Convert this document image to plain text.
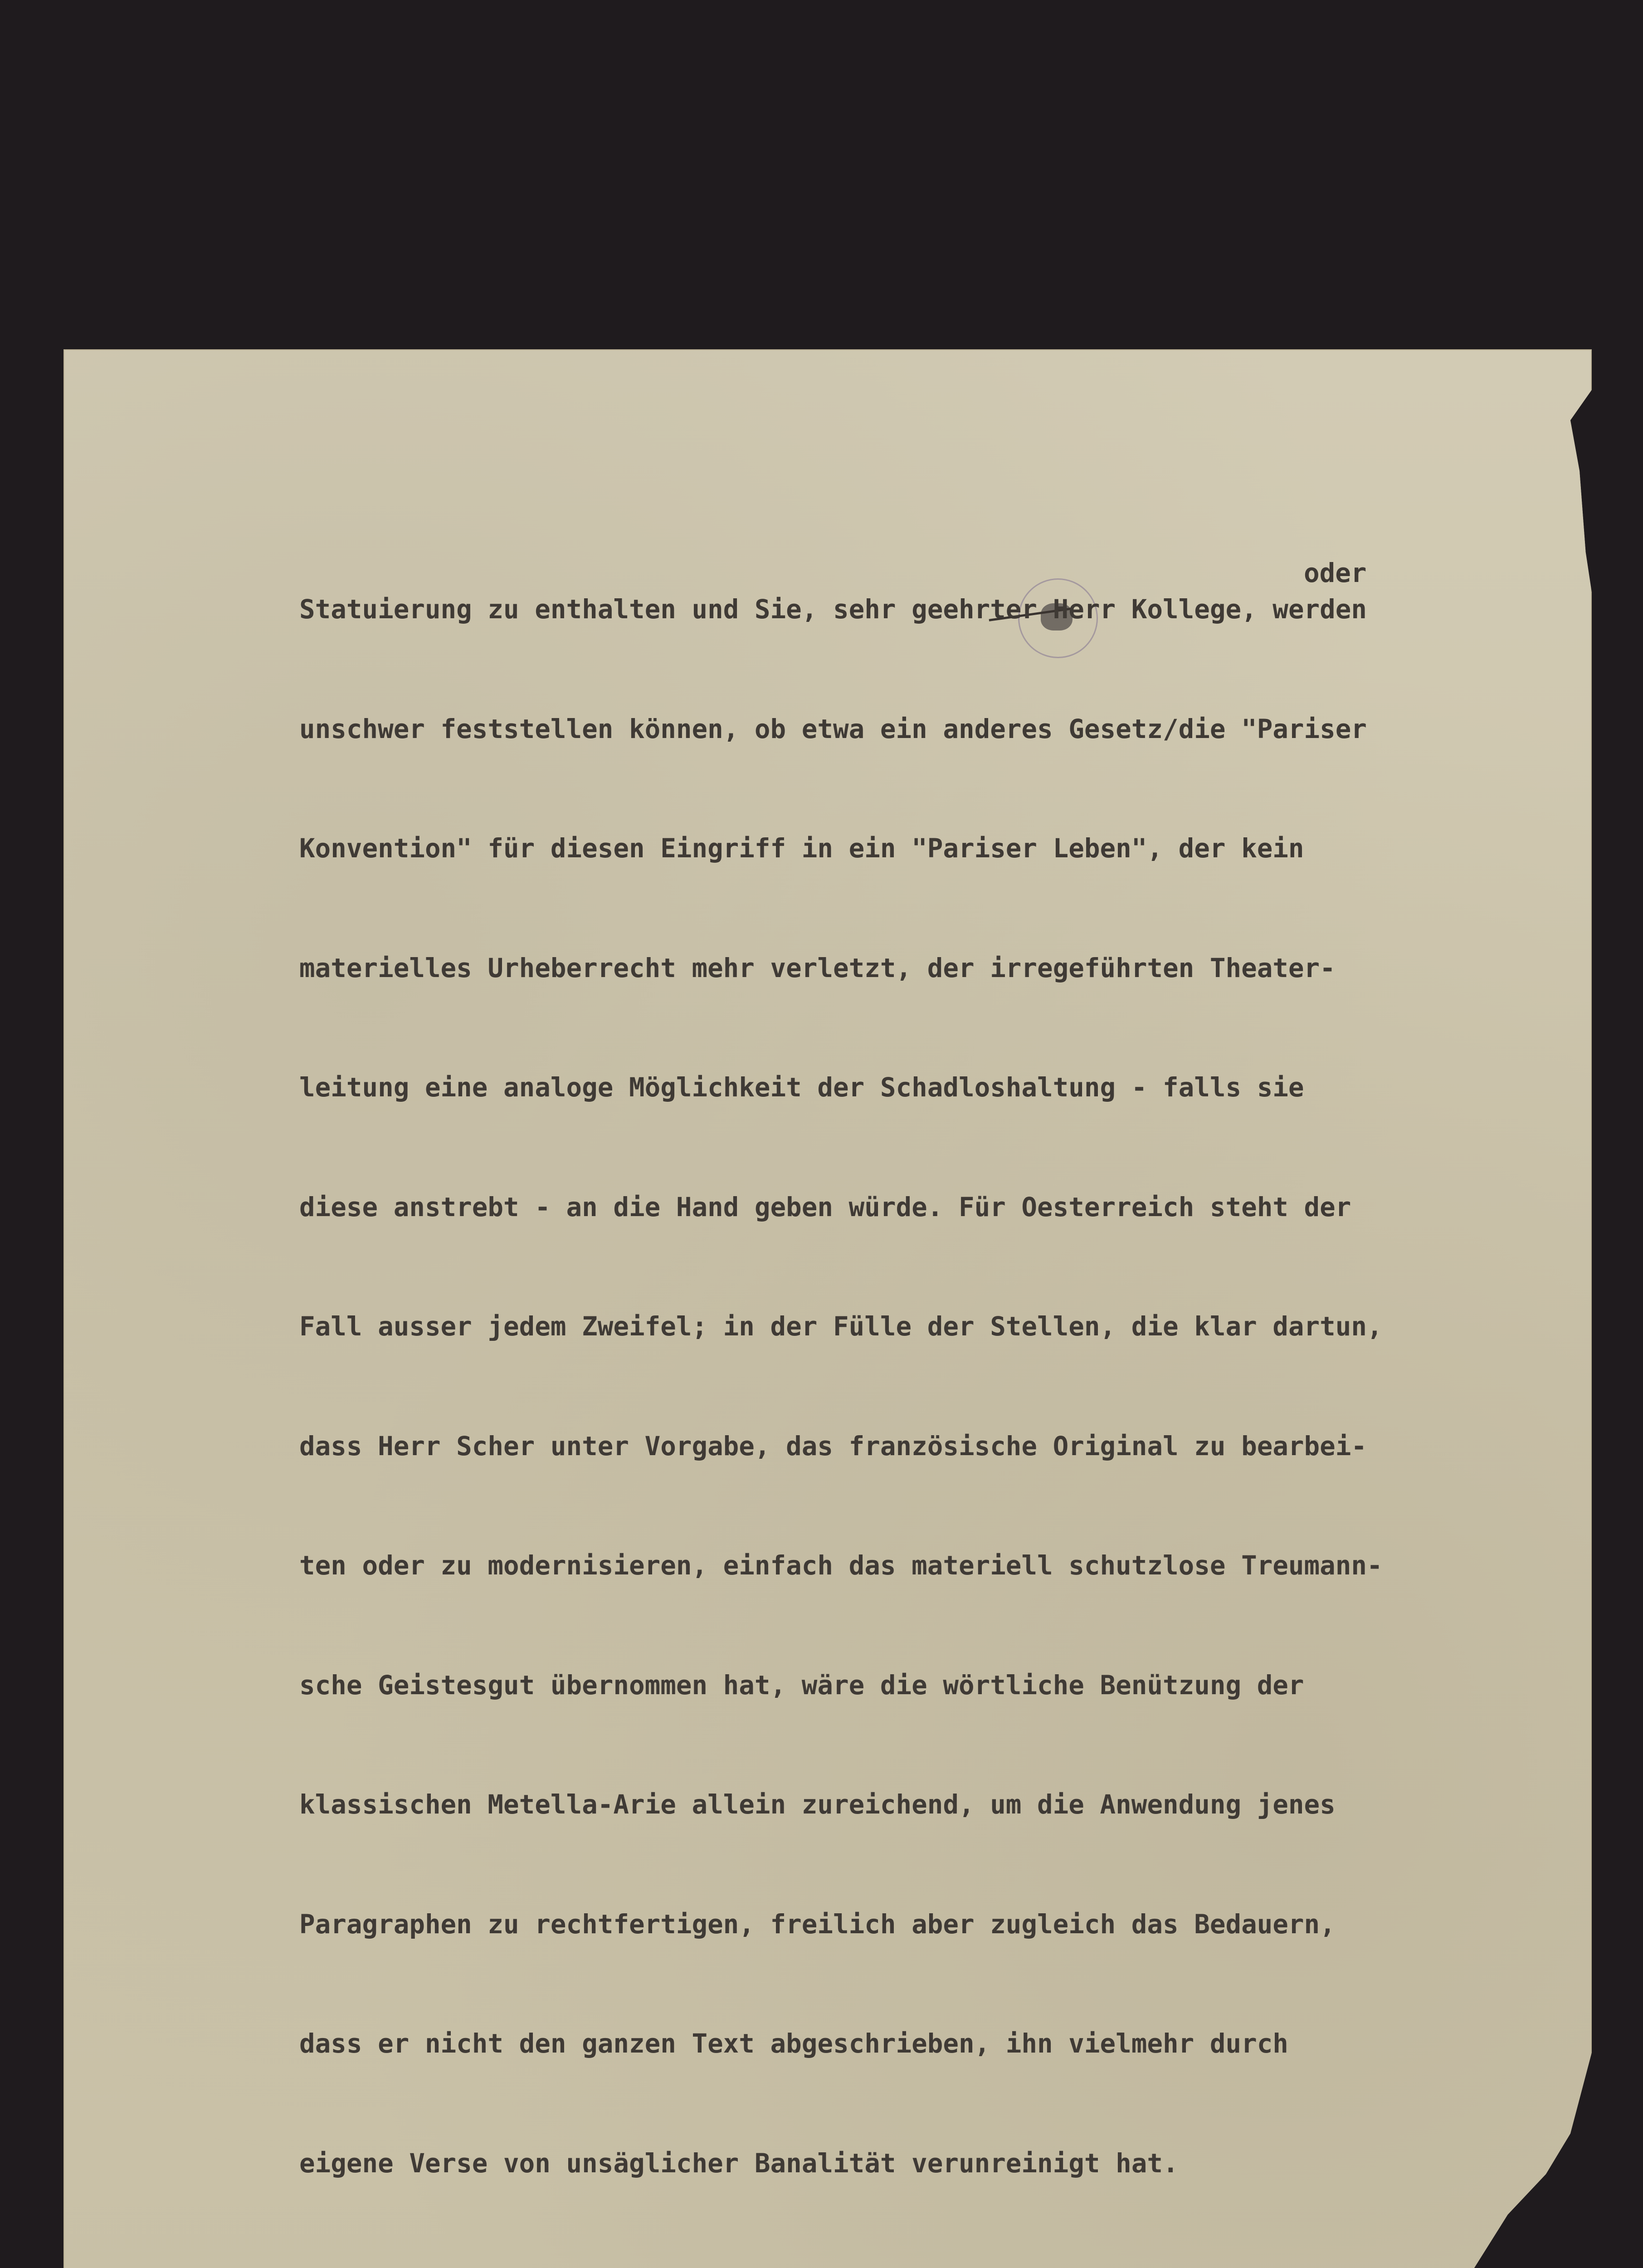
oder

Statuierung zu enthalten und Sie, sehr geehrter Herr Kollege, werden

unschwer feststellen können, ob etwa ein anderes Gesetz/die "Pariser

Konvention" für diesen Eingriff in ein "Pariser Leben", der kein

materielles Urheberrecht mehr verletzt, der irregeführten Theater-

leitung eine analoge Möglichkeit der Schadloshaltung - falls sie

diese anstrebt - an die Hand geben würde. Für Oesterreich steht der

Fall ausser jedem Zweifel; in der Fülle der Stellen, die klar dartun,

dass Herr Scher unter Vorgabe, das französische Original zu bearbei-

ten oder zu modernisieren, einfach das materiell schutzlose Treumann-

sche Geistesgut übernommen hat, wäre die wörtliche Benützung der

klassischen Metella-Arie allein zureichend, um die Anwendung jenes

Paragraphen zu rechtfertigen, freilich aber zugleich das Bedauern,

dass er nicht den ganzen Text abgeschrieben, ihn vielmehr durch

eigene Verse von unsäglicher Banalität verunreinigt hat.
